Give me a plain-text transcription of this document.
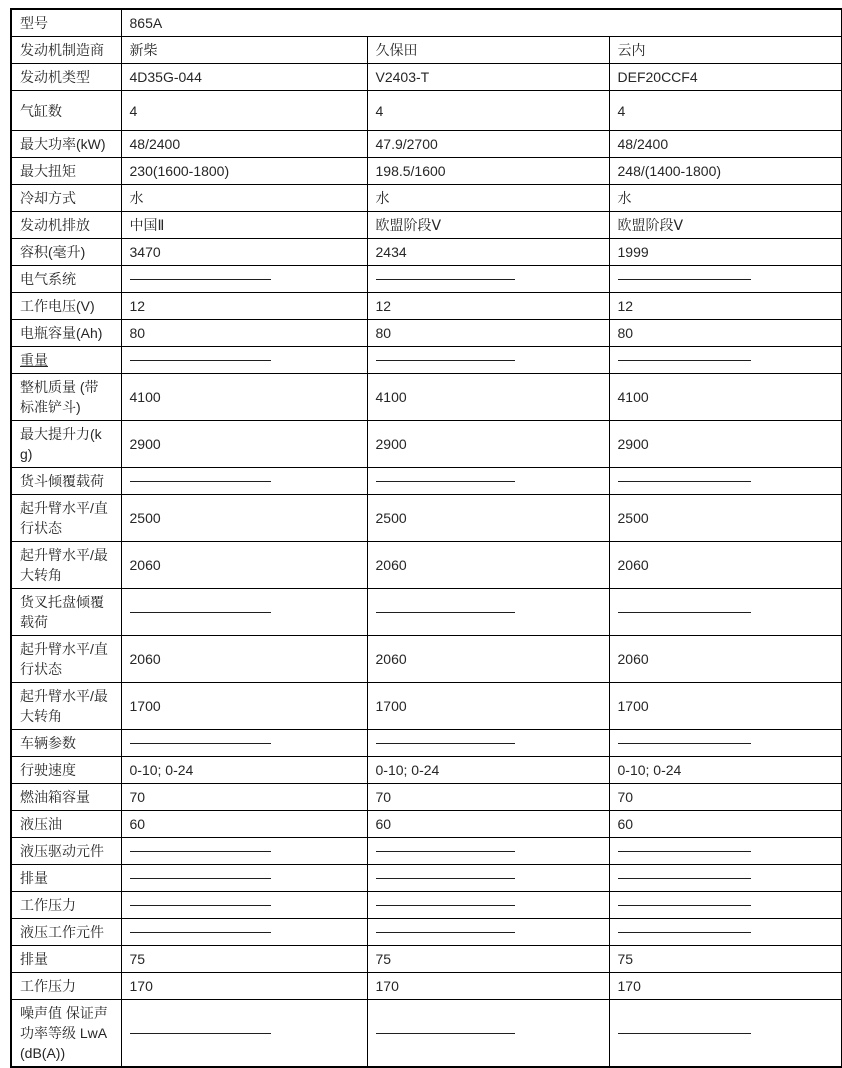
型号	865A		
发动机制造商	新柴	久保田	云内
发动机类型	4D35G-044	V2403-T	DEF20CCF4
气缸数	4	4	4
最大功率(kW)	48/2400	47.9/2700	48/2400
最大扭矩	230(1600-1800)	198.5/1600	248/(1400-1800)
冷却方式	水	水	水
发动机排放	中国Ⅱ	欧盟阶段Ⅴ	欧盟阶段Ⅴ
容积(毫升)	3470	2434	1999
电气系统	

工作电压(V)	12	12	12
电瓶容量(Ah)	80	80	80
重量	

整机质量 (带标准铲斗)	4100	4100	4100
最大提升力(kg)	2900	2900	2900
货斗倾覆载荷	

起升臂水平/直行状态	2500	2500	2500
起升臂水平/最大转角	2060	2060	2060
货叉托盘倾覆载荷	

起升臂水平/直行状态	2060	2060	2060
起升臂水平/最大转角	1700	1700	1700
车辆参数	

行驶速度	0-10; 0-24	0-10; 0-24	0-10; 0-24
燃油箱容量	70	70	70
液压油	60	60	60
液压驱动元件	

排量	

工作压力	

液压工作元件	

排量	75	75	75
工作压力	170	170	170
噪声值 保证声功率等级 LwA(dB(A))	
